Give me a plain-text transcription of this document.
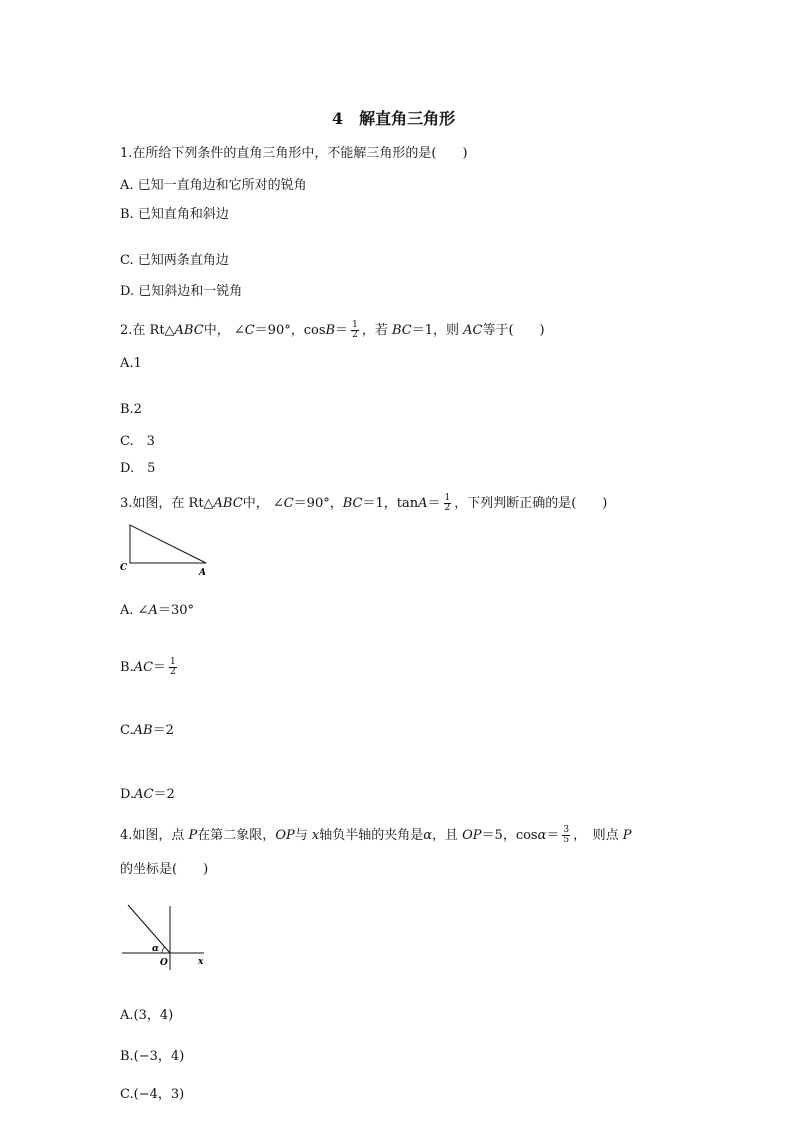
4　解直角三角形
1.在所给下列条件的直角三角形中，不能解三角形的是(　　)
A. 已知一直角边和它所对的锐角
B. 已知直角和斜边
C. 已知两条直角边
D. 已知斜边和一锐角
2.在 Rt△ABC中， ∠C＝90°，$\cos B= \frac{1}{2}$ ，若 BC＝1，则 AC等于(　　)
A.1
B.2
C.　3
D.　5
3.如图，在 Rt△ABC中， ∠C＝90°，BC＝1，$\tan A= \frac{1}{2}$ ，下列判断正确的是(　　)
C	A
A. ∠A＝30°
$B.AC= \frac{1}{2}$
C.AB＝2
D.AC＝2
4.如图，点 P在第二象限，OP与 x轴负半轴的夹角是α，且 OP＝5，$\cos\alpha= \frac{3}{5}$ ，　则点 P
的坐标是(　　)
α
O	x
A.(3，4)
B.(−3，4)
C.(−4，3)
